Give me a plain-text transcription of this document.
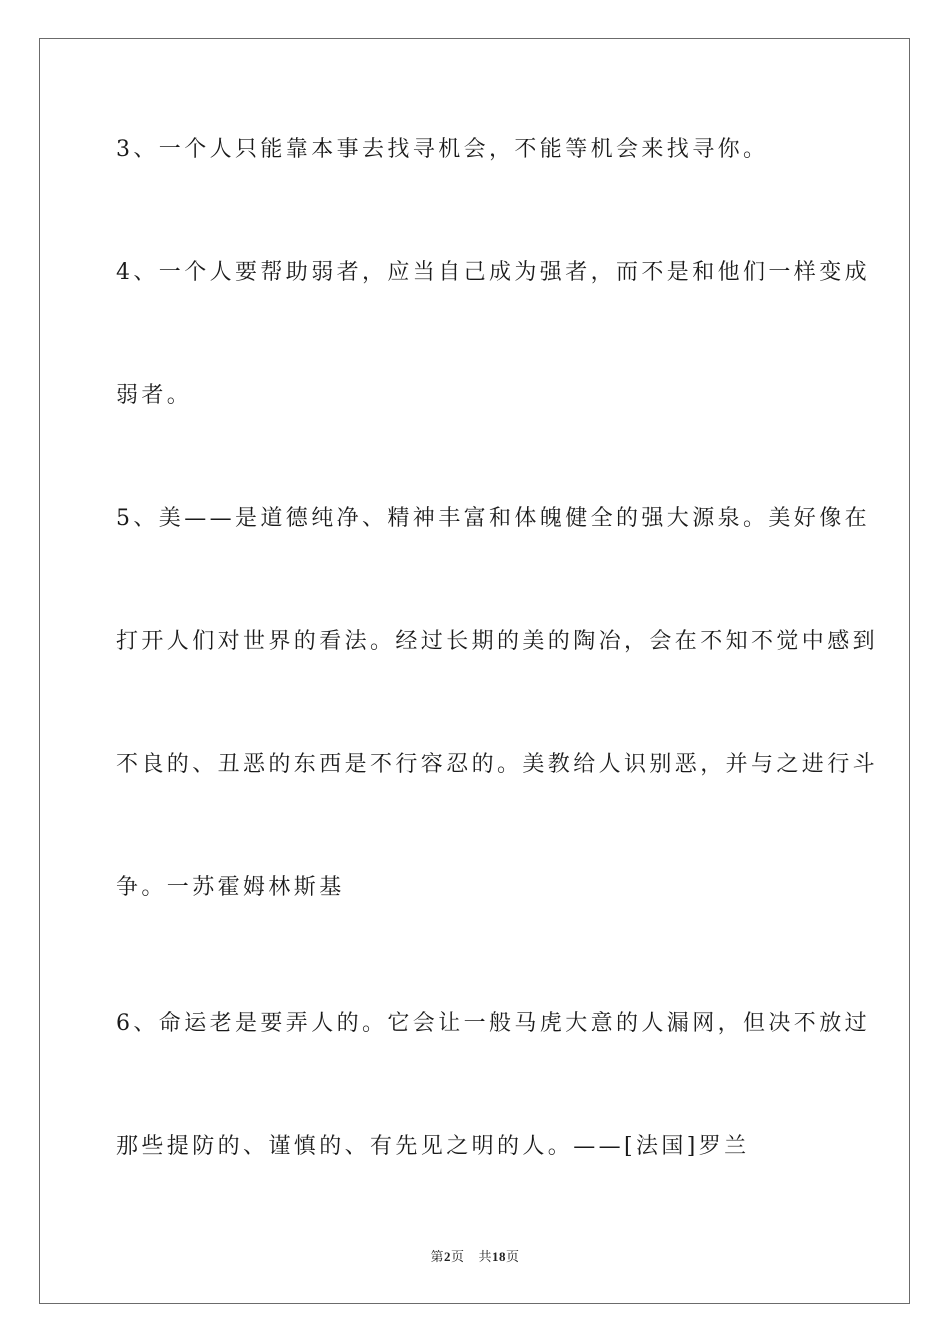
3、一个人只能靠本事去找寻机会，不能等机会来找寻你。
4、一个人要帮助弱者，应当自己成为强者，而不是和他们一样变成
弱者。
5、美——是道德纯净、精神丰富和体魄健全的强大源泉。美好像在
打开人们对世界的看法。经过长期的美的陶冶，会在不知不觉中感到
不良的、丑恶的东西是不行容忍的。美教给人识别恶，并与之进行斗
争。一苏霍姆林斯基
6、命运老是要弄人的。它会让一般马虎大意的人漏网，但决不放过
那些提防的、谨慎的、有先见之明的人。——[法国]罗兰
第2页 共18页
